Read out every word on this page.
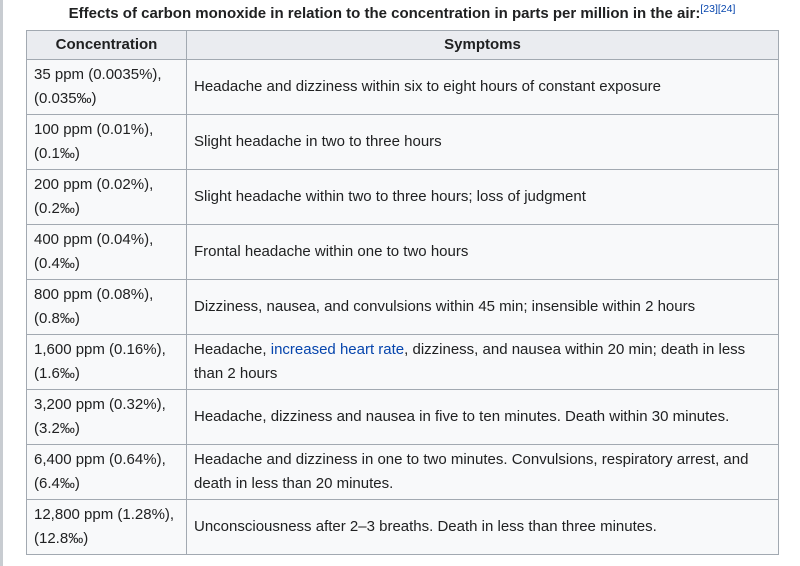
Effects of carbon monoxide in relation to the concentration in parts per million in the air:[23][24]
Concentration	Symptoms
35 ppm (0.0035%),
(0.035‰)	Headache and dizziness within six to eight hours of constant exposure
100 ppm (0.01%),
(0.1‰)	Slight headache in two to three hours
200 ppm (0.02%),
(0.2‰)	Slight headache within two to three hours; loss of judgment
400 ppm (0.04%),
(0.4‰)	Frontal headache within one to two hours
800 ppm (0.08%),
(0.8‰)	Dizziness, nausea, and convulsions within 45 min; insensible within 2 hours
1,600 ppm (0.16%),
(1.6‰)	Headache, increased heart rate, dizziness, and nausea within 20 min; death in less than 2 hours
3,200 ppm (0.32%),
(3.2‰)	Headache, dizziness and nausea in five to ten minutes. Death within 30 minutes.
6,400 ppm (0.64%),
(6.4‰)	Headache and dizziness in one to two minutes. Convulsions, respiratory arrest, and death in less than 20 minutes.
12,800 ppm (1.28%),
(12.8‰)	Unconsciousness after 2–3 breaths. Death in less than three minutes.
